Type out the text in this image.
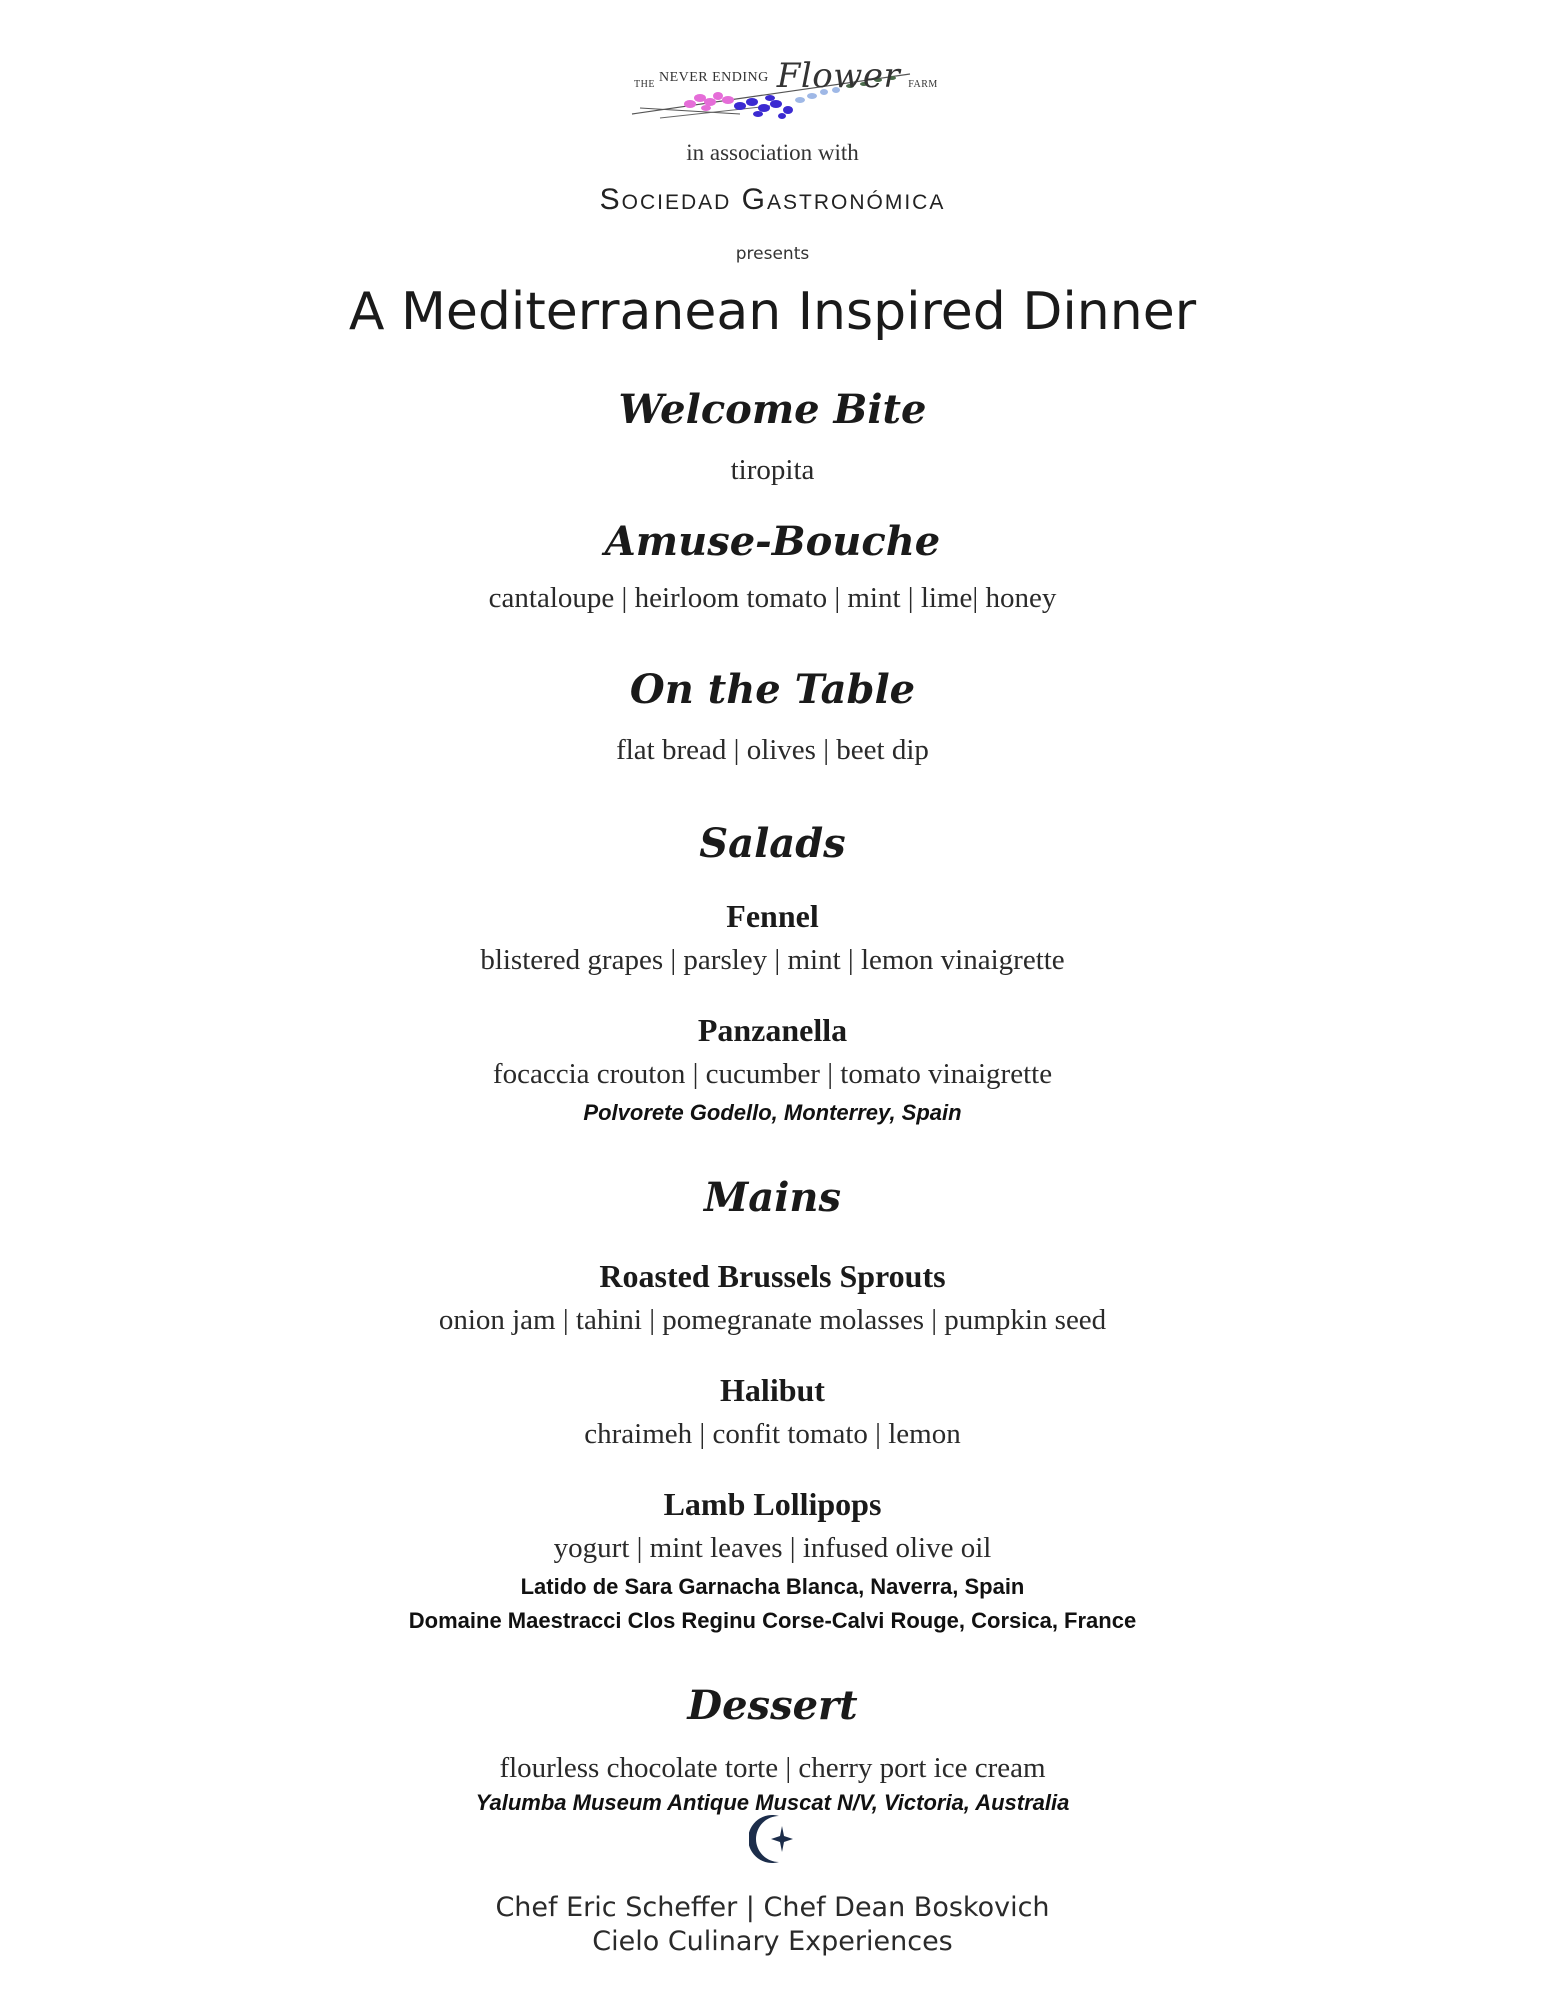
$_{THE}$ NEVER ENDING Flower $_{FARM}$
in association with
Sociedad Gastronómica
presents
A Mediterranean Inspired Dinner
Welcome Bite
tiropita
Amuse-Bouche
cantaloupe | heirloom tomato | mint | lime| honey
On the Table
flat bread | olives | beet dip
Salads
Fennel
blistered grapes | parsley | mint | lemon vinaigrette
Panzanella
focaccia crouton | cucumber | tomato vinaigrette
Polvorete Godello, Monterrey, Spain
Mains
Roasted Brussels Sprouts
onion jam | tahini | pomegranate molasses | pumpkin seed
Halibut
chraimeh | confit tomato | lemon
Lamb Lollipops
yogurt | mint leaves | infused olive oil
Latido de Sara Garnacha Blanca, Naverra, Spain
Domaine Maestracci Clos Reginu Corse-Calvi Rouge, Corsica, France
Dessert
flourless chocolate torte | cherry port ice cream
Yalumba Museum Antique Muscat N/V, Victoria, Australia
Chef Eric Scheffer | Chef Dean Boskovich
Cielo Culinary Experiences
